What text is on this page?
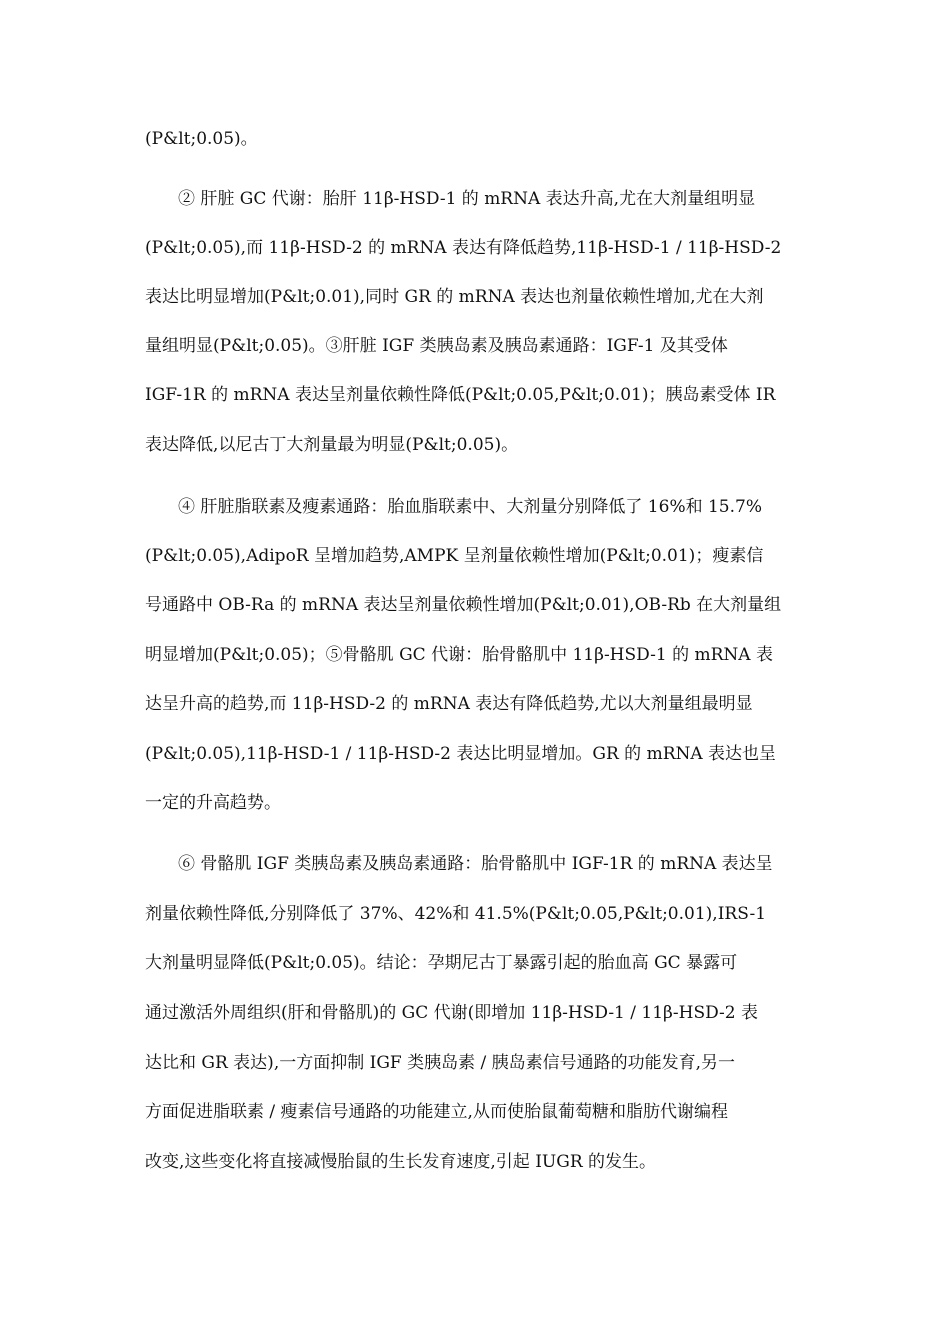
(P&lt;0.05)。
② 肝脏 GC 代谢：胎肝 11β-HSD-1 的 mRNA 表达升高,尤在大剂量组明显
(P&lt;0.05),而 11β-HSD-2 的 mRNA 表达有降低趋势,11β-HSD-1 / 11β-HSD-2
表达比明显增加(P&lt;0.01),同时 GR 的 mRNA 表达也剂量依赖性增加,尤在大剂
量组明显(P&lt;0.05)。③肝脏 IGF 类胰岛素及胰岛素通路：IGF-1 及其受体
IGF-1R 的 mRNA 表达呈剂量依赖性降低(P&lt;0.05,P&lt;0.01)；胰岛素受体 IR
表达降低,以尼古丁大剂量最为明显(P&lt;0.05)。
④ 肝脏脂联素及瘦素通路：胎血脂联素中、大剂量分别降低了 16%和 15.7%
(P&lt;0.05),AdipoR 呈增加趋势,AMPK 呈剂量依赖性增加(P&lt;0.01)；瘦素信
号通路中 OB-Ra 的 mRNA 表达呈剂量依赖性增加(P&lt;0.01),OB-Rb 在大剂量组
明显增加(P&lt;0.05)；⑤骨骼肌 GC 代谢：胎骨骼肌中 11β-HSD-1 的 mRNA 表
达呈升高的趋势,而 11β-HSD-2 的 mRNA 表达有降低趋势,尤以大剂量组最明显
(P&lt;0.05),11β-HSD-1 / 11β-HSD-2 表达比明显增加。GR 的 mRNA 表达也呈
一定的升高趋势。
⑥ 骨骼肌 IGF 类胰岛素及胰岛素通路：胎骨骼肌中 IGF-1R 的 mRNA 表达呈
剂量依赖性降低,分别降低了 37%、42%和 41.5%(P&lt;0.05,P&lt;0.01),IRS-1
大剂量明显降低(P&lt;0.05)。结论：孕期尼古丁暴露引起的胎血高 GC 暴露可
通过激活外周组织(肝和骨骼肌)的 GC 代谢(即增加 11β-HSD-1 / 11β-HSD-2 表
达比和 GR 表达),一方面抑制 IGF 类胰岛素 / 胰岛素信号通路的功能发育,另一
方面促进脂联素 / 瘦素信号通路的功能建立,从而使胎鼠葡萄糖和脂肪代谢编程
改变,这些变化将直接减慢胎鼠的生长发育速度,引起 IUGR 的发生。
